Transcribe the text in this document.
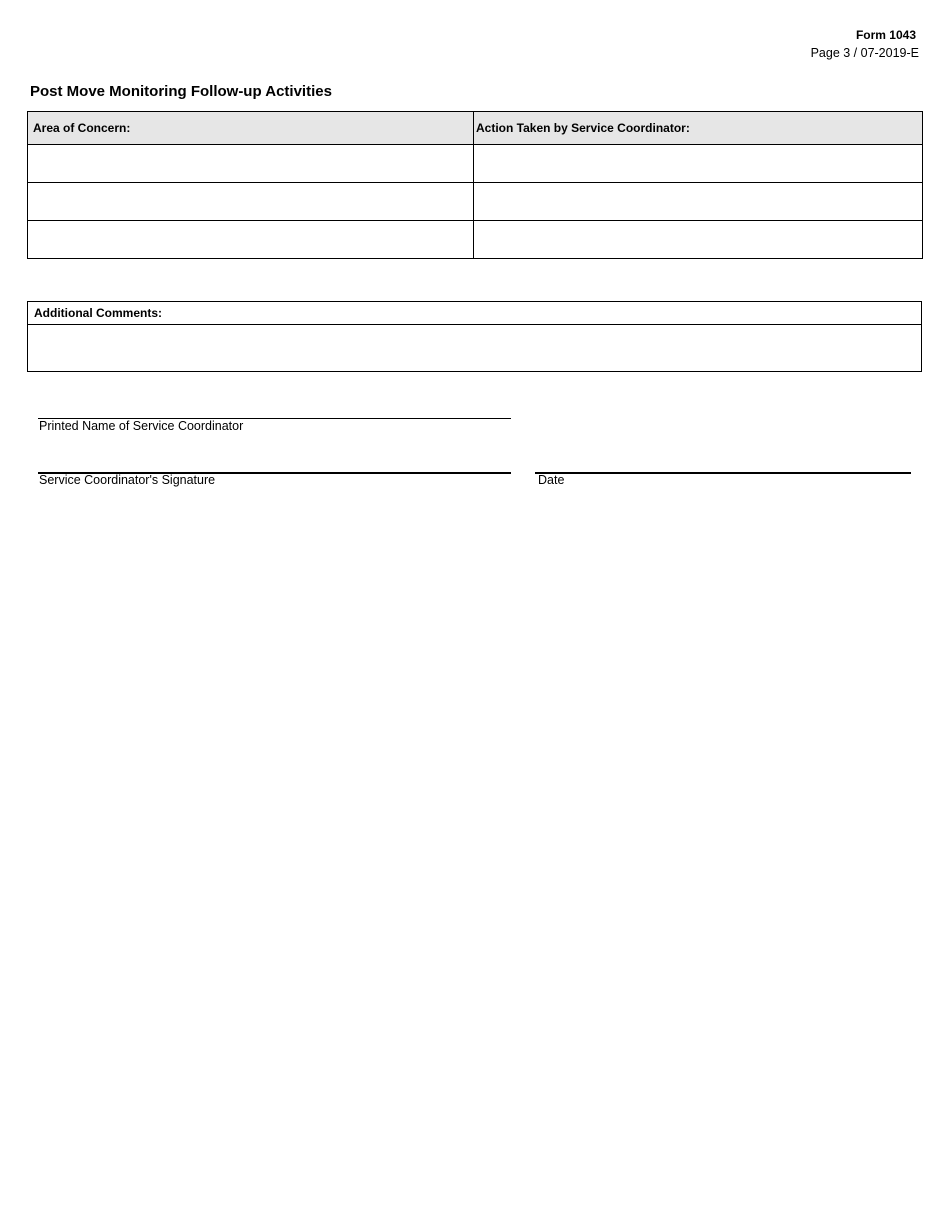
Form 1043
Page 3 / 07-2019-E
Post Move Monitoring Follow-up Activities
Area of Concern:	Action Taken by Service Coordinator:

Additional Comments:
Printed Name of Service Coordinator
Service Coordinator's Signature	Date
